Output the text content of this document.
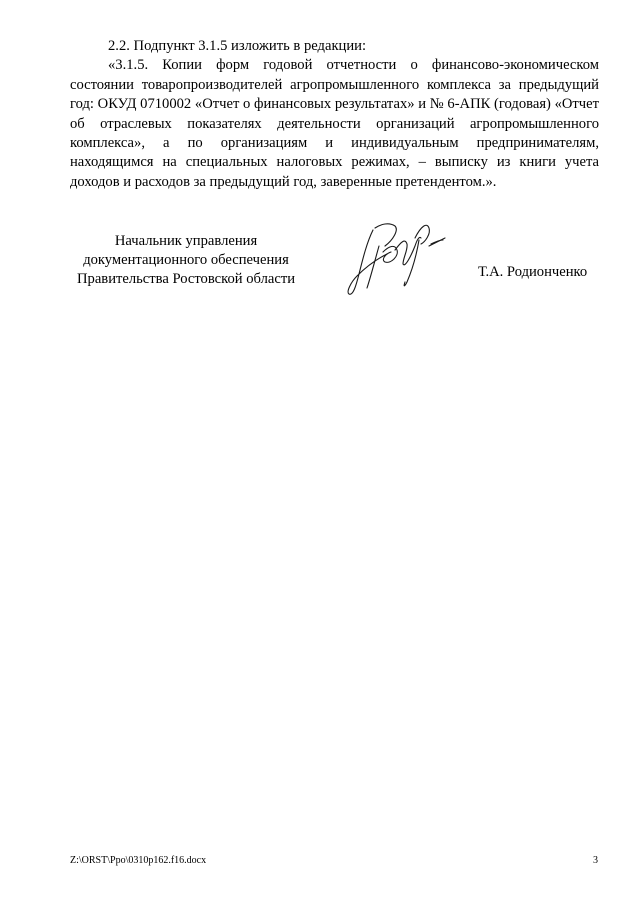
2.2. Подпункт 3.1.5 изложить в редакции:

«3.1.5. Копии форм годовой отчетности о финансово-экономическом состоянии товаропроизводителей агропромышленного комплекса за предыдущий год: ОКУД 0710002 «Отчет о финансовых результатах» и № 6-АПК (годовая) «Отчет об отраслевых показателях деятельности организаций агропромышленного комплекса», а по организациям и индивидуальным предпринимателям, находящимся на специальных налоговых режимах, – выписку из книги учета доходов и расходов за предыдущий год, заверенные претендентом.».

Начальник управления
документационного обеспечения
Правительства Ростовской области	Т.А. Родионченко
Z:\ORST\Ppo\0310p162.f16.docx	3
